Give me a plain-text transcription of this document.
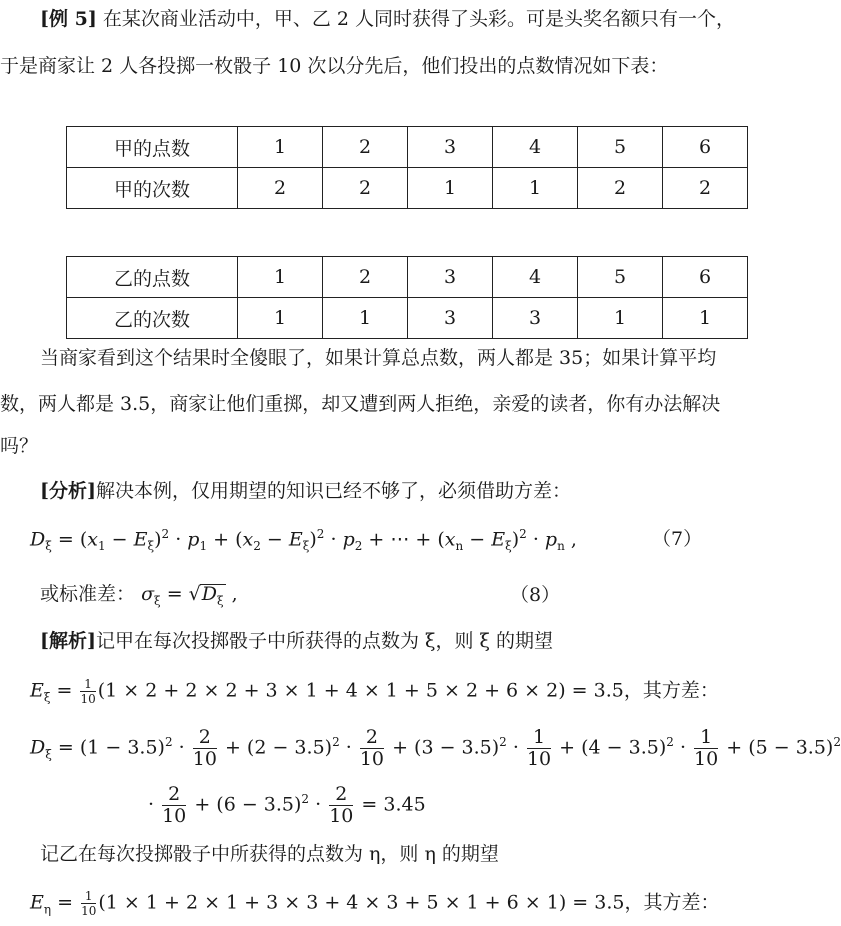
[例 5] 在某次商业活动中，甲、乙 2 人同时获得了头彩。可是头奖名额只有一个，
于是商家让 2 人各投掷一枚骰子 10 次以分先后，他们投出的点数情况如下表：
甲的点数	1	2	3	4	5	6
甲的次数	2	2	1	1	2	2
乙的点数	1	2	3	4	5	6
乙的次数	1	1	3	3	1	1
当商家看到这个结果时全傻眼了，如果计算总点数，两人都是 35；如果计算平均
数，两人都是 3.5，商家让他们重掷，却又遭到两人拒绝，亲爱的读者，你有办法解决
吗？
[分析]解决本例，仅用期望的知识已经不够了，必须借助方差：
$D_\xi = (x_1 - E_\xi)^2 \cdot p_1 + (x_2 - E_\xi)^2 \cdot p_2$ + ⋯ + $(x_n - E_\xi)^2 \cdot p_n$ ,	（7）
或标准差： $\sigma_\xi = √D_\xi$ ,	（8）
[解析]记甲在每次投掷骰子中所获得的点数为 ξ，则 ξ 的期望
$E_\xi = \frac{1}{10} (1 \times 2 + 2 \times 2 + 3 \times 1 + 4 \times 1 + 5 \times 2 + 6 \times 2) = 3.5$，其方差：
$D_\xi = (1 - 3.5)^2 \cdot \frac{2}{10} + (2 - 3.5)^2 \cdot \frac{2}{10} + (3 - 3.5)^2 \cdot \frac{1}{10} + (4 - 3.5)^2 \cdot \frac{1}{10} + (5 - 3.5)^2$
· $\frac{2}{10} + (6 - 3.5)^2 \cdot \frac{2}{10} = 3.45$
记乙在每次投掷骰子中所获得的点数为 η，则 η 的期望
$E_\eta = \frac{1}{10} (1 \times 1 + 2 \times 1 + 3 \times 3 + 4 \times 3 + 5 \times 1 + 6 \times 1) = 3.5$，其方差：
